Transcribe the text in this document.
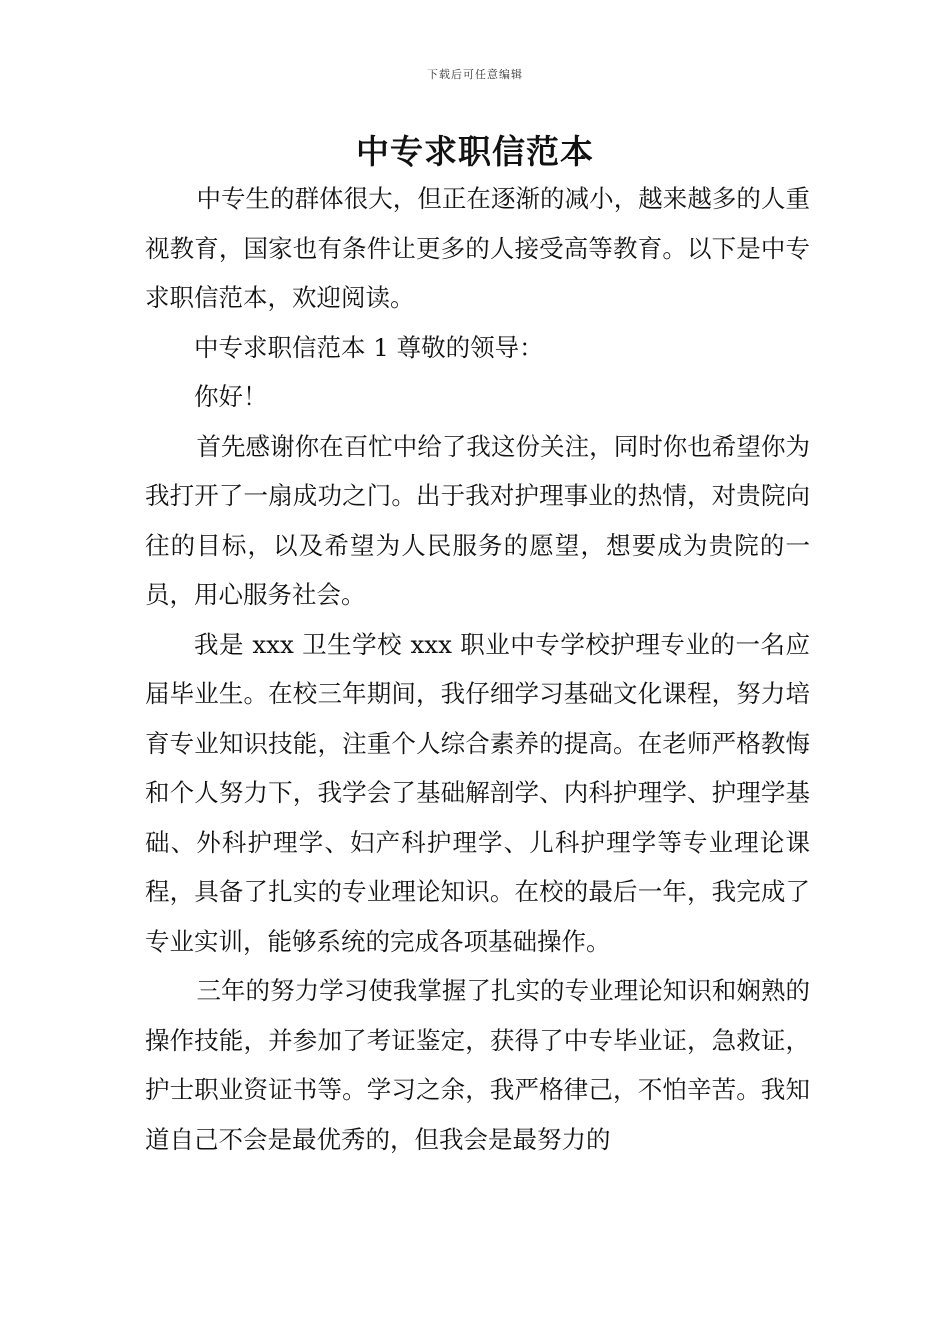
下载后可任意编辑
中专求职信范本

中专生的群体很大，但正在逐渐的减小，越来越多的人重视教育，国家也有条件让更多的人接受高等教育。以下是中专求职信范本，欢迎阅读。

中专求职信范本 1 尊敬的领导：

你好！

首先感谢你在百忙中给了我这份关注，同时你也希望你为我打开了一扇成功之门。出于我对护理事业的热情，对贵院向往的目标，以及希望为人民服务的愿望，想要成为贵院的一员，用心服务社会。

我是 xxx 卫生学校 xxx 职业中专学校护理专业的一名应届毕业生。在校三年期间，我仔细学习基础文化课程，努力培育专业知识技能，注重个人综合素养的提高。在老师严格教悔和个人努力下，我学会了基础解剖学、内科护理学、护理学基础、外科护理学、妇产科护理学、儿科护理学等专业理论课程，具备了扎实的专业理论知识。在校的最后一年，我完成了专业实训，能够系统的完成各项基础操作。

三年的努力学习使我掌握了扎实的专业理论知识和娴熟的操作技能，并参加了考证鉴定，获得了中专毕业证，急救证，护士职业资证书等。学习之余，我严格律己，不怕辛苦。我知道自己不会是最优秀的，但我会是最努力的
